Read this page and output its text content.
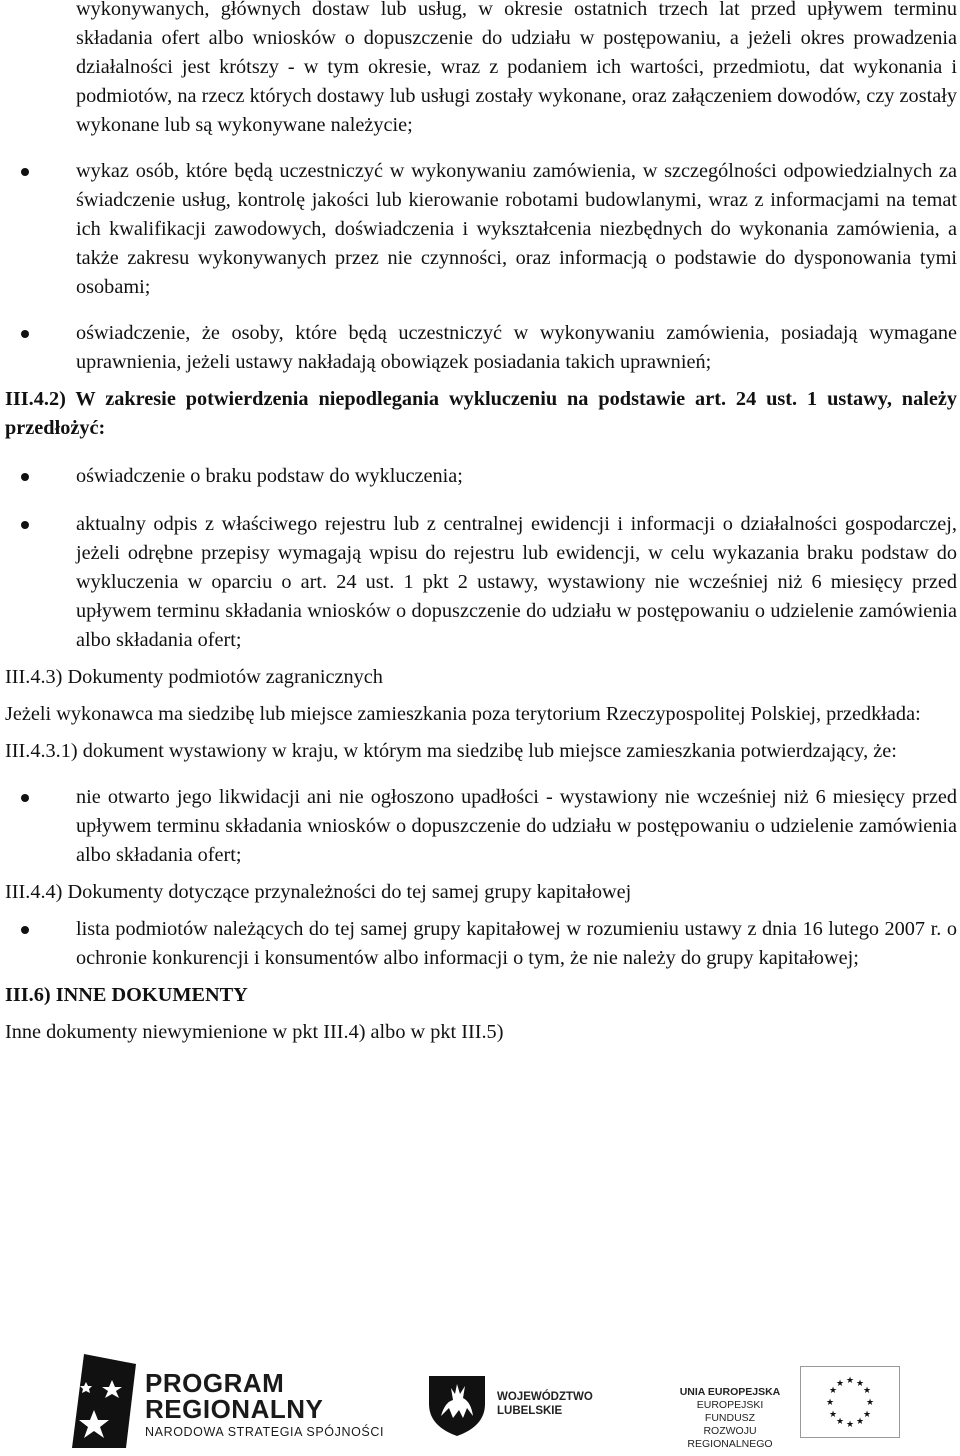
wykonywanych, głównych dostaw lub usług, w okresie ostatnich trzech lat przed upływem terminu składania ofert albo wniosków o dopuszczenie do udziału w postępowaniu, a jeżeli okres prowadzenia działalności jest krótszy - w tym okresie, wraz z podaniem ich wartości, przedmiotu, dat wykonania i podmiotów, na rzecz których dostawy lub usługi zostały wykonane, oraz załączeniem dowodów, czy zostały wykonane lub są wykonywane należycie;

wykaz osób, które będą uczestniczyć w wykonywaniu zamówienia, w szczególności odpowiedzialnych za świadczenie usług, kontrolę jakości lub kierowanie robotami budowlanymi, wraz z informacjami na temat ich kwalifikacji zawodowych, doświadczenia i wykształcenia niezbędnych do wykonania zamówienia, a także zakresu wykonywanych przez nie czynności, oraz informacją o podstawie do dysponowania tymi osobami;

oświadczenie, że osoby, które będą uczestniczyć w wykonywaniu zamówienia, posiadają wymagane uprawnienia, jeżeli ustawy nakładają obowiązek posiadania takich uprawnień;

III.4.2) W zakresie potwierdzenia niepodlegania wykluczeniu na podstawie art. 24 ust. 1 ustawy, należy przedłożyć:

oświadczenie o braku podstaw do wykluczenia;

aktualny odpis z właściwego rejestru lub z centralnej ewidencji i informacji o działalności gospodarczej, jeżeli odrębne przepisy wymagają wpisu do rejestru lub ewidencji, w celu wykazania braku podstaw do wykluczenia w oparciu o art. 24 ust. 1 pkt 2 ustawy, wystawiony nie wcześniej niż 6 miesięcy przed upływem terminu składania wniosków o dopuszczenie do udziału w postępowaniu o udzielenie zamówienia albo składania ofert;

III.4.3) Dokumenty podmiotów zagranicznych

Jeżeli wykonawca ma siedzibę lub miejsce zamieszkania poza terytorium Rzeczypospolitej Polskiej, przedkłada:

III.4.3.1) dokument wystawiony w kraju, w którym ma siedzibę lub miejsce zamieszkania potwierdzający, że:

nie otwarto jego likwidacji ani nie ogłoszono upadłości - wystawiony nie wcześniej niż 6 miesięcy przed upływem terminu składania wniosków o dopuszczenie do udziału w postępowaniu o udzielenie zamówienia albo składania ofert;

III.4.4) Dokumenty dotyczące przynależności do tej samej grupy kapitałowej

lista podmiotów należących do tej samej grupy kapitałowej w rozumieniu ustawy z dnia 16 lutego 2007 r. o ochronie konkurencji i konsumentów albo informacji o tym, że nie należy do grupy kapitałowej;

III.6) INNE DOKUMENTY

Inne dokumenty niewymienione w pkt III.4) albo w pkt III.5)

PROGRAM
REGIONALNY
NARODOWA STRATEGIA SPÓJNOŚCI
WOJEWÓDZTWO
LUBELSKIE
UNIA EUROPEJSKA
EUROPEJSKI FUNDUSZ
ROZWOJU REGIONALNEGO
★ ★
★
★
★
★
★
★
★
★
★
★
